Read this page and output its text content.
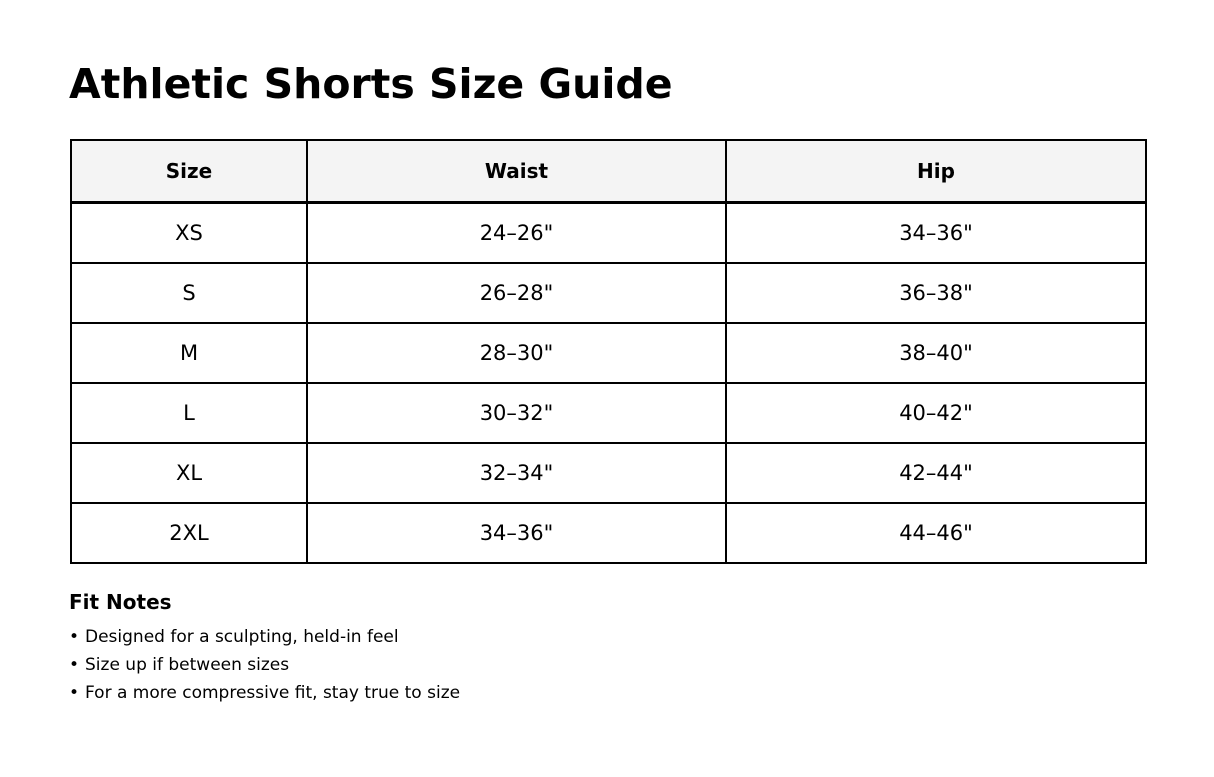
Athletic Shorts Size Guide
Size	Waist	Hip
XS	24–26"	34–36"
S	26–28"	36–38"
M	28–30"	38–40"
L	30–32"	40–42"
XL	32–34"	42–44"
2XL	34–36"	44–46"
Fit Notes
• Designed for a sculpting, held-in feel
• Size up if between sizes
• For a more compressive fit, stay true to size
